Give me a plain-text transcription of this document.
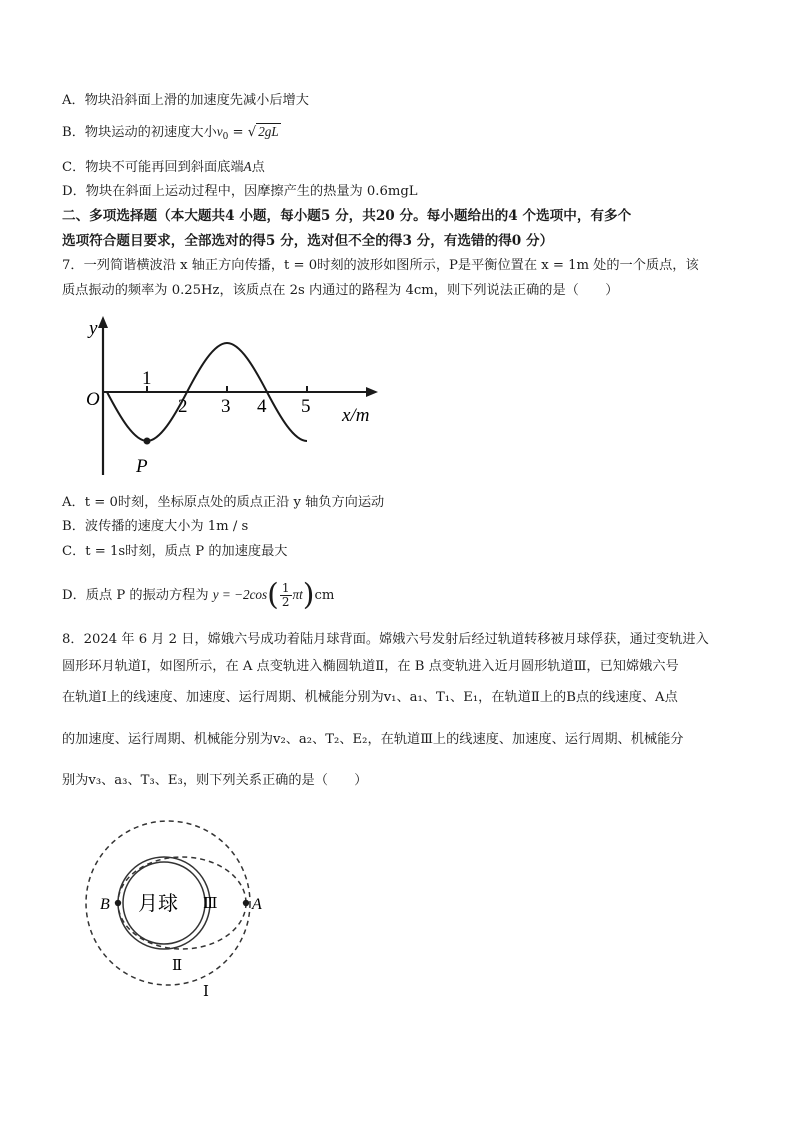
A．物块沿斜面上滑的加速度先减小后增大
B．物块运动的初速度大小$v_0$ = √ 2gL
C．物块不可能再回到斜面底端A点
D．物块在斜面上运动过程中，因摩擦产生的热量为 0.6mgL
二、多项选择题（本大题共4 小题，每小题5 分，共20 分。每小题给出的4 个选项中，有多个
选项符合题目要求，全部选对的得5 分，选对但不全的得3 分，有选错的得0 分）
7．一列简谐横波沿 x 轴正方向传播，t = 0时刻的波形如图所示，P是平衡位置在 x = 1m 处的一个质点，该
质点振动的频率为 0.25Hz，该质点在 2s 内通过的路程为 4cm，则下列说法正确的是（　　）
y
O
1
2 3 4 5 x/m
P
A．t = 0时刻，坐标原点处的质点正沿 y 轴负方向运动
B．波传播的速度大小为 1m / s
C．t = 1s时刻，质点 P 的加速度最大
D．质点 P 的振动方程为 $y = -2\cos( \frac{1}{2} \pi t)cm$
8．2024 年 6 月 2 日，嫦娥六号成功着陆月球背面。嫦娥六号发射后经过轨道转移被月球俘获，通过变轨进入
圆形环月轨道Ⅰ，如图所示，在 A 点变轨进入椭圆轨道Ⅱ，在 B 点变轨进入近月圆形轨道Ⅲ，已知嫦娥六号
在轨道Ⅰ上的线速度、加速度、运行周期、机械能分别为v₁、a₁、T₁、E₁，在轨道Ⅱ上的B点的线速度、A点
的加速度、运行周期、机械能分别为v₂、a₂、T₂、E₂，在轨道Ⅲ上的线速度、加速度、运行周期、机械能分
别为v₃、a₃、T₃、E₃，则下列关系正确的是（　　）
月球
B	A
Ⅲ
Ⅱ
Ⅰ
